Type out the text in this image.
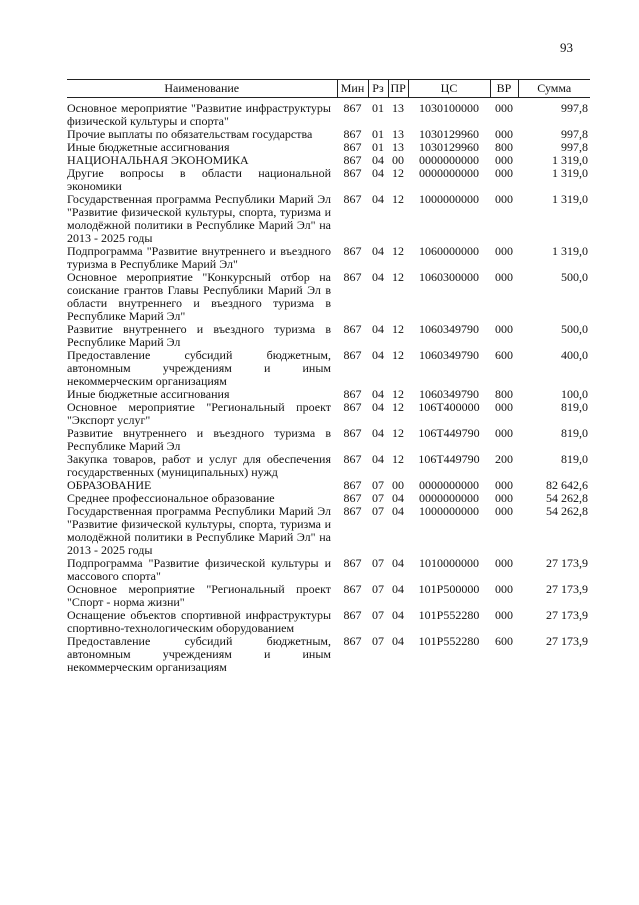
93
Наименование	Мин	Рз	ПР	ЦС	ВР	Сумма

Основное мероприятие "Развитие инфраструктуры физической культуры и спорта"	867	01	13	1030100000	000	997,8
Прочие выплаты по обязательствам государства	867	01	13	1030129960	000	997,8
Иные бюджетные ассигнования	867	01	13	1030129960	800	997,8
НАЦИОНАЛЬНАЯ ЭКОНОМИКА	867	04	00	0000000000	000	1 319,0
Другие вопросы в области национальной экономики	867	04	12	0000000000	000	1 319,0
Государственная программа Республики Марий Эл "Развитие физической культуры, спорта, туризма и молодёжной политики в Республике Марий Эл" на 2013 - 2025 годы	867	04	12	1000000000	000	1 319,0
Подпрограмма "Развитие внутреннего и въездного туризма в Республике Марий Эл"	867	04	12	1060000000	000	1 319,0
Основное мероприятие "Конкурсный отбор на соискание грантов Главы Республики Марий Эл в области внутреннего и въездного туризма в Республике Марий Эл"	867	04	12	1060300000	000	500,0
Развитие внутреннего и въездного туризма в Республике Марий Эл	867	04	12	1060349790	000	500,0
Предоставление субсидий бюджетным, автономным учреждениям и иным некоммерческим организациям	867	04	12	1060349790	600	400,0
Иные бюджетные ассигнования	867	04	12	1060349790	800	100,0
Основное мероприятие "Региональный проект "Экспорт услуг"	867	04	12	106Т400000	000	819,0
Развитие внутреннего и въездного туризма в Республике Марий Эл	867	04	12	106Т449790	000	819,0
Закупка товаров, работ и услуг для обеспечения государственных (муниципальных) нужд	867	04	12	106Т449790	200	819,0
ОБРАЗОВАНИЕ	867	07	00	0000000000	000	82 642,6
Среднее профессиональное образование	867	07	04	0000000000	000	54 262,8
Государственная программа Республики Марий Эл "Развитие физической культуры, спорта, туризма и молодёжной политики в Республике Марий Эл" на 2013 - 2025 годы	867	07	04	1000000000	000	54 262,8
Подпрограмма "Развитие физической культуры и массового спорта"	867	07	04	1010000000	000	27 173,9
Основное мероприятие "Региональный проект "Спорт - норма жизни"	867	07	04	101Р500000	000	27 173,9
Оснащение объектов спортивной инфраструктуры спортивно-технологическим оборудованием	867	07	04	101Р552280	000	27 173,9
Предоставление субсидий бюджетным, автономным учреждениям и иным некоммерческим организациям	867	07	04	101Р552280	600	27 173,9
